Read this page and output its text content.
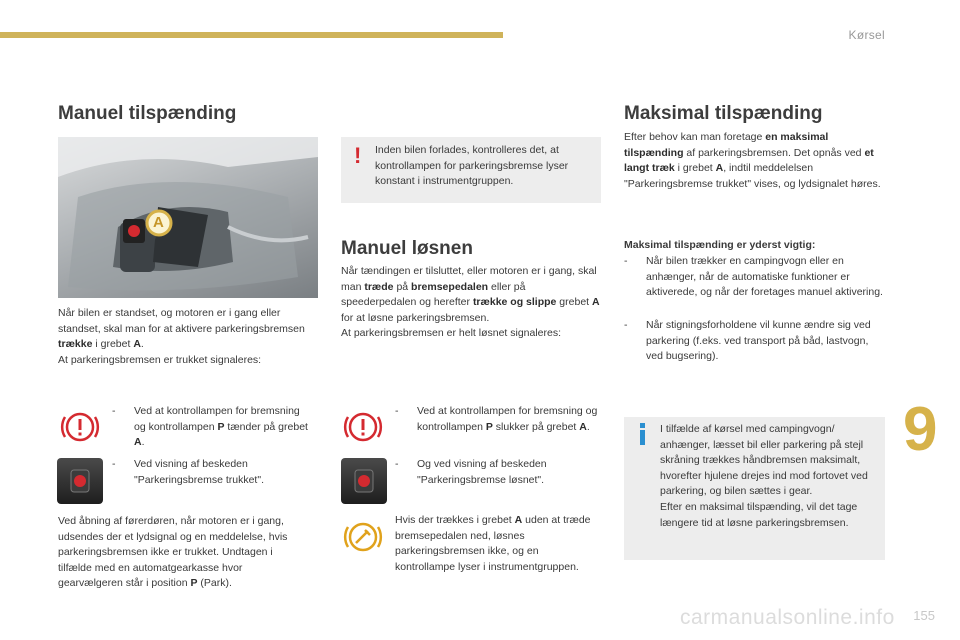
Kørsel
9
Manuel tilspænding
A
Når bilen er standset, og motoren er i gang eller standset, skal man for at aktivere parkeringsbremsen trække i grebet A.
At parkeringsbremsen er trukket signaleres:
-	Ved at kontrollampen for bremsning og kontrollampen P tænder på grebet A.
-	Ved visning af beskeden "Parkeringsbremse trukket".
Ved åbning af førerdøren, når motoren er i gang, udsendes der et lydsignal og en meddelelse, hvis parkeringsbremsen ikke er trukket. Undtagen i tilfælde med en automatgearkasse hvor gearvælgeren står i position P (Park).
! Inden bilen forlades, kontrolleres det, at kontrollampen for parkeringsbremse lyser konstant i instrumentgruppen.
Manuel løsnen
Når tændingen er tilsluttet, eller motoren er i gang, skal man træde på bremsepedalen eller på speederpedalen og herefter trække og slippe grebet A for at løsne parkeringsbremsen.
At parkeringsbremsen er helt løsnet signaleres:
-	Ved at kontrollampen for bremsning og kontrollampen P slukker på grebet A.
-	Og ved visning af beskeden "Parkeringsbremse løsnet".
Hvis der trækkes i grebet A uden at træde bremsepedalen ned, løsnes parkeringsbremsen ikke, og en kontrollampe lyser i instrumentgruppen.
Maksimal tilspænding
Efter behov kan man foretage en maksimal tilspænding af parkeringsbremsen. Det opnås ved et langt træk i grebet A, indtil meddelelsen "Parkeringsbremse trukket" vises, og lydsignalet høres.
Maksimal tilspænding er yderst vigtig:
-	Når bilen trækker en campingvogn eller en anhænger, når de automatiske funktioner er aktiverede, og når der foretages manuel aktivering.
-	Når stigningsforholdene vil kunne ændre sig ved parkering (f.eks. ved transport på båd, lastvogn, ved bugsering).
I tilfælde af kørsel med campingvogn/ anhænger, læsset bil eller parkering på stejl skråning trækkes håndbremsen maksimalt, hvorefter hjulene drejes ind mod fortovet ved parkering, og bilen sættes i gear.
Efter en maksimal tilspænding, vil det tage længere tid at løsne parkeringsbremsen.
carmanualsonline.info 155
